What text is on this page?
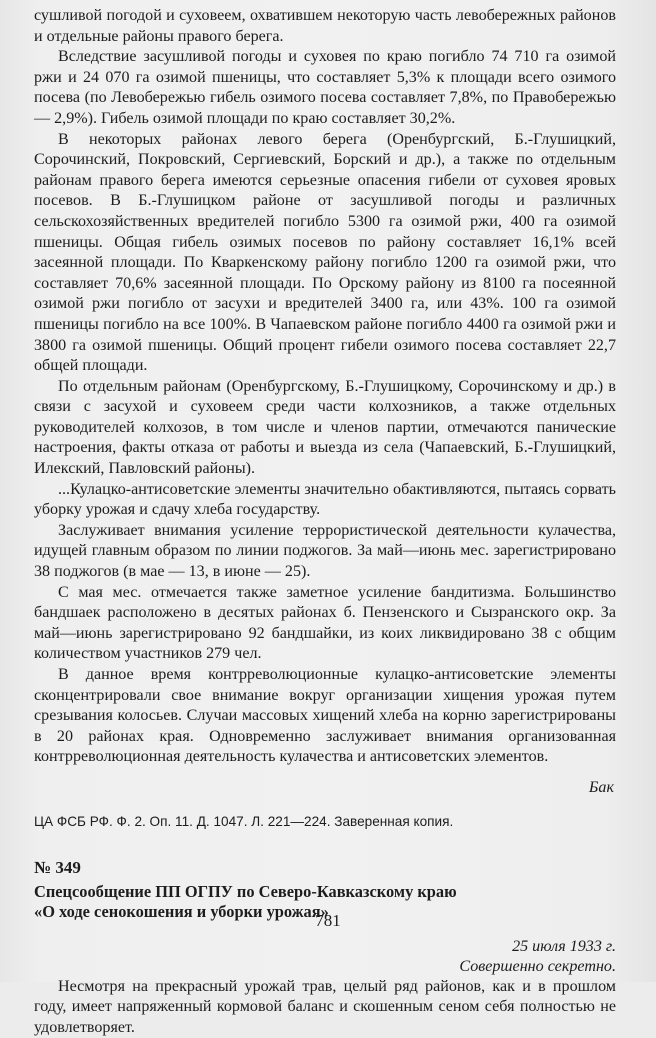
сушливой погодой и суховеем, охватившем некоторую часть левобережных районов и отдельные районы правого берега.

Вследствие засушливой погоды и суховея по краю погибло 74 710 га озимой ржи и 24 070 га озимой пшеницы, что составляет 5,3% к площади всего озимого посева (по Левобережью гибель озимого посева составляет 7,8%, по Правобережью — 2,9%). Гибель озимой площади по краю составляет 30,2%.

В некоторых районах левого берега (Оренбургский, Б.-Глушицкий, Сорочинский, Покровский, Сергиевский, Борский и др.), а также по отдельным районам правого берега имеются серьезные опасения гибели от суховея яровых посевов. В Б.-Глушицком районе от засушливой погоды и различных сельскохозяйственных вредителей погибло 5300 га озимой ржи, 400 га озимой пшеницы. Общая гибель озимых посевов по району составляет 16,1% всей засеянной площади. По Кваркенскому району погибло 1200 га озимой ржи, что составляет 70,6% засеянной площади. По Орскому району из 8100 га посеянной озимой ржи погибло от засухи и вредителей 3400 га, или 43%. 100 га озимой пшеницы погибло на все 100%. В Чапаевском районе погибло 4400 га озимой ржи и 3800 га озимой пшеницы. Общий процент гибели озимого посева составляет 22,7 общей площади.

По отдельным районам (Оренбургскому, Б.-Глушицкому, Сорочинскому и др.) в связи с засухой и суховеем среди части колхозников, а также отдельных руководителей колхозов, в том числе и членов партии, отмечаются панические настроения, факты отказа от работы и выезда из села (Чапаевский, Б.-Глушицкий, Илекский, Павловский районы).

...Кулацко-антисоветские элементы значительно обактивляются, пытаясь сорвать уборку урожая и сдачу хлеба государству.

Заслуживает внимания усиление террористической деятельности кулачества, идущей главным образом по линии поджогов. За май—июнь мес. зарегистрировано 38 поджогов (в мае — 13, в июне — 25).

С мая мес. отмечается также заметное усиление бандитизма. Большинство бандшаек расположено в десятых районах б. Пензенского и Сызранского окр. За май—июнь зарегистрировано 92 бандшайки, из коих ликвидировано 38 с общим количеством участников 279 чел.

В данное время контрреволюционные кулацко-антисоветские элементы сконцентрировали свое внимание вокруг организации хищения урожая путем срезывания колосьев. Случаи массовых хищений хлеба на корню зарегистрированы в 20 районах края. Одновременно заслуживает внимания организованная контрреволюционная деятельность кулачества и антисоветских элементов.

Бак
ЦА ФСБ РФ. Ф. 2. Оп. 11. Д. 1047. Л. 221—224. Заверенная копия.
№ 349
Спецсообщение ПП ОГПУ по Северо-Кавказскому краю
«О ходе сенокошения и уборки урожая»
25 июля 1933 г.
Совершенно секретно.

Несмотря на прекрасный урожай трав, целый ряд районов, как и в прошлом году, имеет напряженный кормовой баланс и скошенным сеном себя полностью не удовлетворяет.

781
